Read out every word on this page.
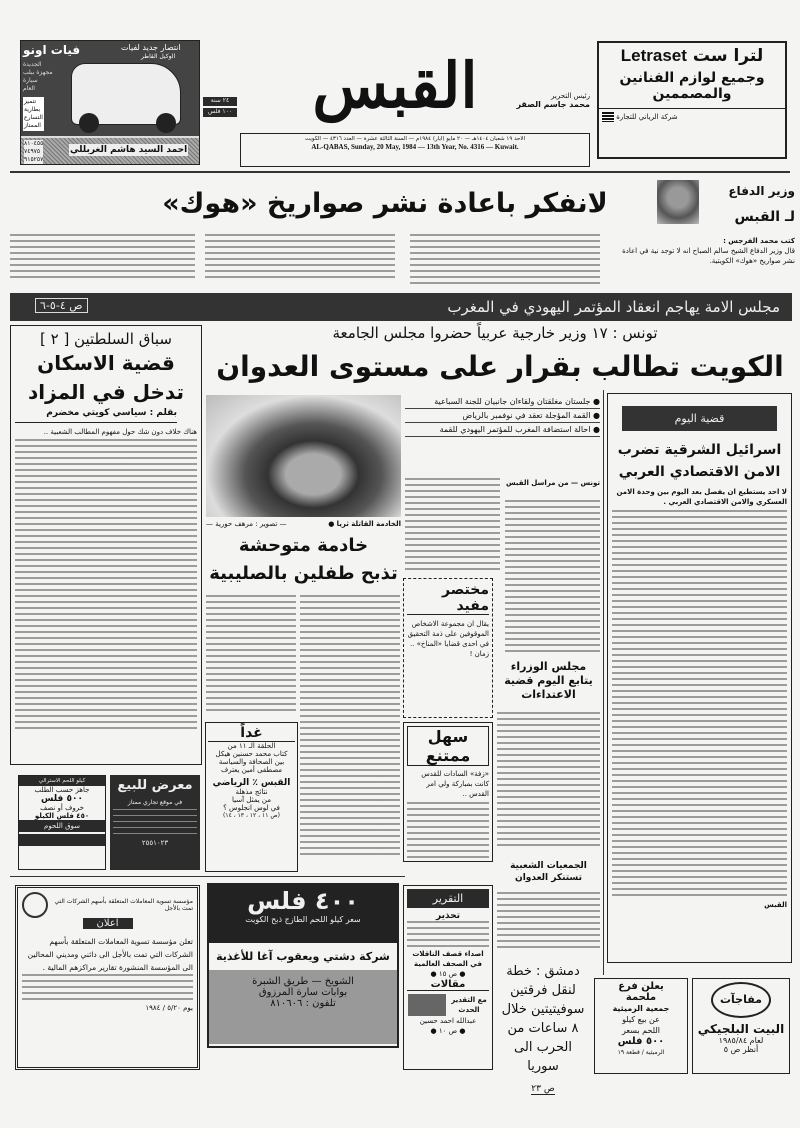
فيات اونو	انتصار جديد لفيات
الوكيل القاطر
الجديدة
مجهزة ببلب
سيارة
العام
تتميز
بطارية
التسارع
الممتاز
احمد السيد هاشم الغربللي
٨١٠٤٥٥
٧٤٩٧٥
٩١٥٢٥٧
٢٤ سنة
١٠٠ فلس القبس	رئيس التحرير
محمد جاسم الصقر
الاحد ١٩ شعبان ١٤٠٤هـ — ٢٠ مايو (ايار) ١٩٨٤م — السنة الثالثة عشرة — العدد ٤٣١٦ — الكويت
AL-QABAS, Sunday, 20 May, 1984 — 13th Year, No. 4316 — Kuwait.
Letraset لترا ست
وجميع لوازم الفنانين
والمصممين
شركة الرياني للتجارة
وزير الدفاع
لـ القبس
لانفكر باعادة نشر صواريخ «هوك»
كتب محمد الفرجس :
قال وزير الدفاع الشيخ سالم الصباح انه لا توجد نية في اعادة نشر صواريخ «هوك» الكويتية.
مجلس الامة يهاجم انعقاد المؤتمر اليهودي في المغرب
ص ٤-٥-٦
تونس : ١٧ وزير خارجية عربياً حضروا مجلس الجامعة
الكويت تطالب بقرار على مستوى العدوان
سباق السلطتين [ ٢ ]
قضية الاسكان
تدخل في المزاد
بقلم : سياسي كويتي مخضرم
هناك خلاف دون شك حول مفهوم المطالب الشعبية ..
الخادمة القاتلة ثريا ●
— تصوير : مرهف حورية —
خادمة متوحشة
تذبح طفلين بالصليبية
● جلستان مغلقتان ولقاءان جانبيان للجنة السباعية
● القمة المؤجلة تعقد في نوفمبر بالرياض
● احالة استضافة المغرب للمؤتمر اليهودي للقمة
تونس — من مراسل القبس
مختصر مفيد
يقال ان مجموعة الاشخاص الموقوفين على ذمة التحقيق في احدى قضايا «المناخ» .. زمان !
مجلس الوزراء يتابع اليوم قضية الاعتداءات
سهل ممتنع
«زفة» السادات للقدس كانت بمباركة ولي امر القدس ..
الجمعيات الشعبية تستنكر العدوان
قضية اليوم
اسرائيل الشرقية تضرب
الامن الاقتصادي العربي
لا احد يستطيع ان يفصل بعد اليوم بين وحدة الامن العسكري والامن الاقتصادي العربي .
القبس
غداً
الحلقة الـ ١١ من
كتاب محمد حسنين هيكل
بين الصحافة والسياسة
مصطفى أمين يعترف
القبس ٪ الرياضي
نتائج مذهلة
من يمثل آسيا
في لوس انجلوس ؟
(ص ١١ ، ١٢ ، ١٣ ، ١٤)
معرض للبيع
في موقع تجاري ممتاز
٢٥٥١٠٢٣
كيلو اللحم الاسترالي
جاهز حسب الطلب
٥٠٠ فلس
خروف أو نصف
٤٥٠ فلس الكيلو
سوق اللحوم
مؤسسة تسوية المعاملات المتعلقة بأسهم الشركات التي تمت بالأجل
اعلان
تعلن مؤسسة تسوية المعاملات المتعلقة بأسهم الشركات التي تمت بالأجل الى دائني ومديني المحالين الى المؤسسة المنشورة تقارير مراكزهم المالية .
يوم ٥/٢٠ / ١٩٨٤
٤٠٠ فلس
سعر كيلو اللحم الطازج ذبح الكويت
شركة دشتي ويعقوب آغا للأغذية
الشويخ — طريق الشبرة
بوابات سارة المرزوق
تلفون : ٨١٠٦٠٦
التقرير
تحذير
اصداء قصف الناقلات في الصحف العالمية
● ص ١٥ ●
مقالات
مع التقدير الحدث
عبدالله احمد حسين
● ص ١٠ ●
دمشق : خطة لنقل فرقتين سوفيتيتين خلال ٨ ساعات من الحرب الى سوريا
ص ٢٣
يعلن فرع
ملحمة
جمعية الرميثية
عن بيع كيلو
اللحم بسعر
٥٠٠ فلس
الرميثية / قطعة ١٩
مفاجآت
البيت البلجيكي
لعام ١٩٨٥/٨٤
أنظر ص ٥
